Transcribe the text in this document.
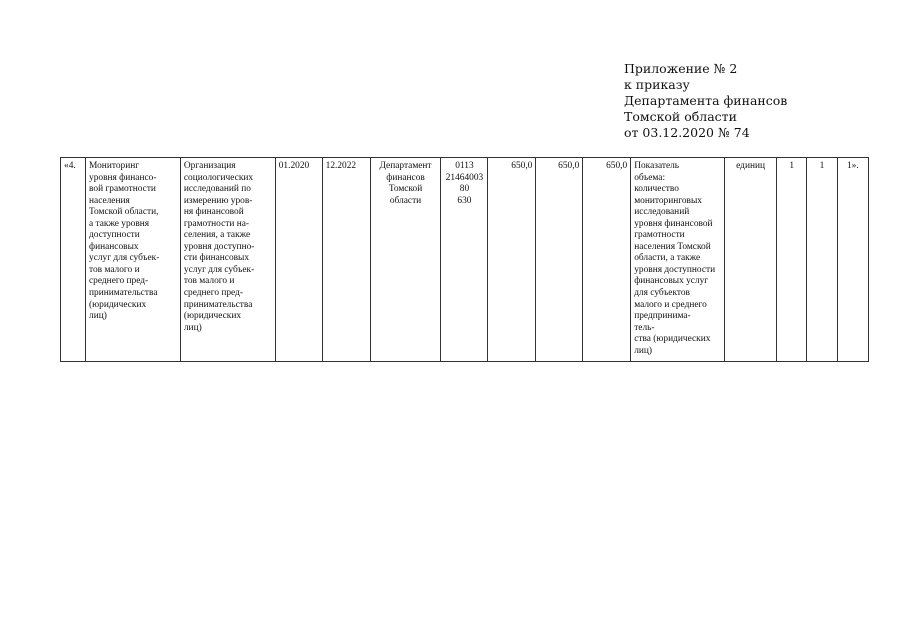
Приложение № 2
к приказу
Департамента финансов
Томской области
от 03.12.2020 № 74
«4.	Мониторинг
уровня финансо-
вой грамотности
населения
Томской области,
а также уровня
доступности
финансовых
услуг для субъек-
тов малого и
среднего пред-
принимательства
(юридических
лиц)	Организация
социологических
исследований по
измерению уров-
ня финансовой
грамотности на-
селения, а также
уровня доступно-
сти финансовых
услуг для субъек-
тов малого и
среднего пред-
принимательства
(юридических
лиц)	01.2020	12.2022	Департамент
финансов
Томской
области	0113
2146400380
630	650,0	650,0	650,0	Показатель
объема:
количество
мониторинговых
исследований
уровня финансовой
грамотности
населения Томской
области, а также
уровня доступности
финансовых услуг
для субъектов
малого и среднего
предпринима-
тель-
ства (юридических
лиц)	единиц	1	1	1».
